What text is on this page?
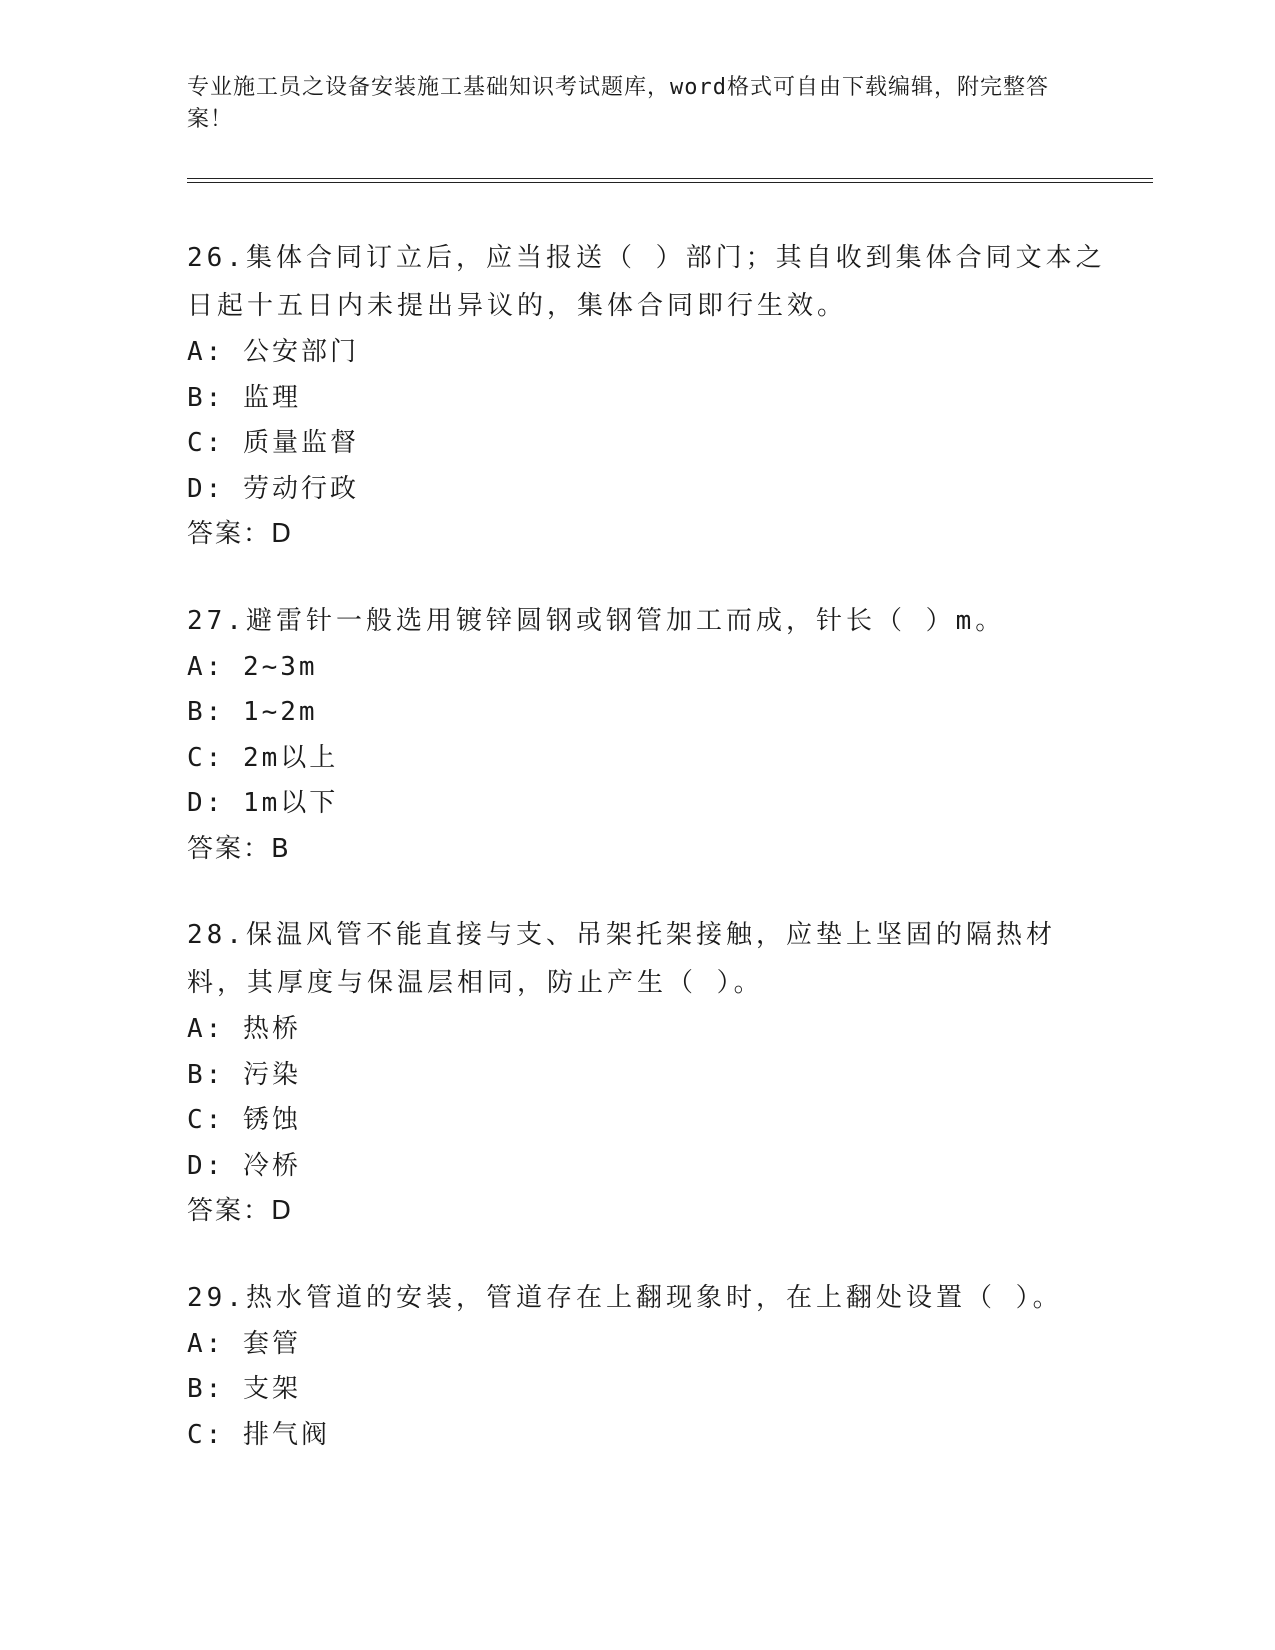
专业施工员之设备安装施工基础知识考试题库，word格式可自由下载编辑，附完整答案！

26.集体合同订立后，应当报送（ ）部门；其自收到集体合同文本之日起十五日内未提出异议的，集体合同即行生效。

A: 公安部门

B: 监理

C: 质量监督

D: 劳动行政

答案：D

27.避雷针一般选用镀锌圆钢或钢管加工而成，针长（ ）m。

A: 2~3m

B: 1~2m

C: 2m以上

D: 1m以下

答案：B

28.保温风管不能直接与支、吊架托架接触，应垫上坚固的隔热材料，其厚度与保温层相同，防止产生（ ）。

A: 热桥

B: 污染

C: 锈蚀

D: 冷桥

答案：D

29.热水管道的安装，管道存在上翻现象时，在上翻处设置（ ）。

A: 套管

B: 支架

C: 排气阀
